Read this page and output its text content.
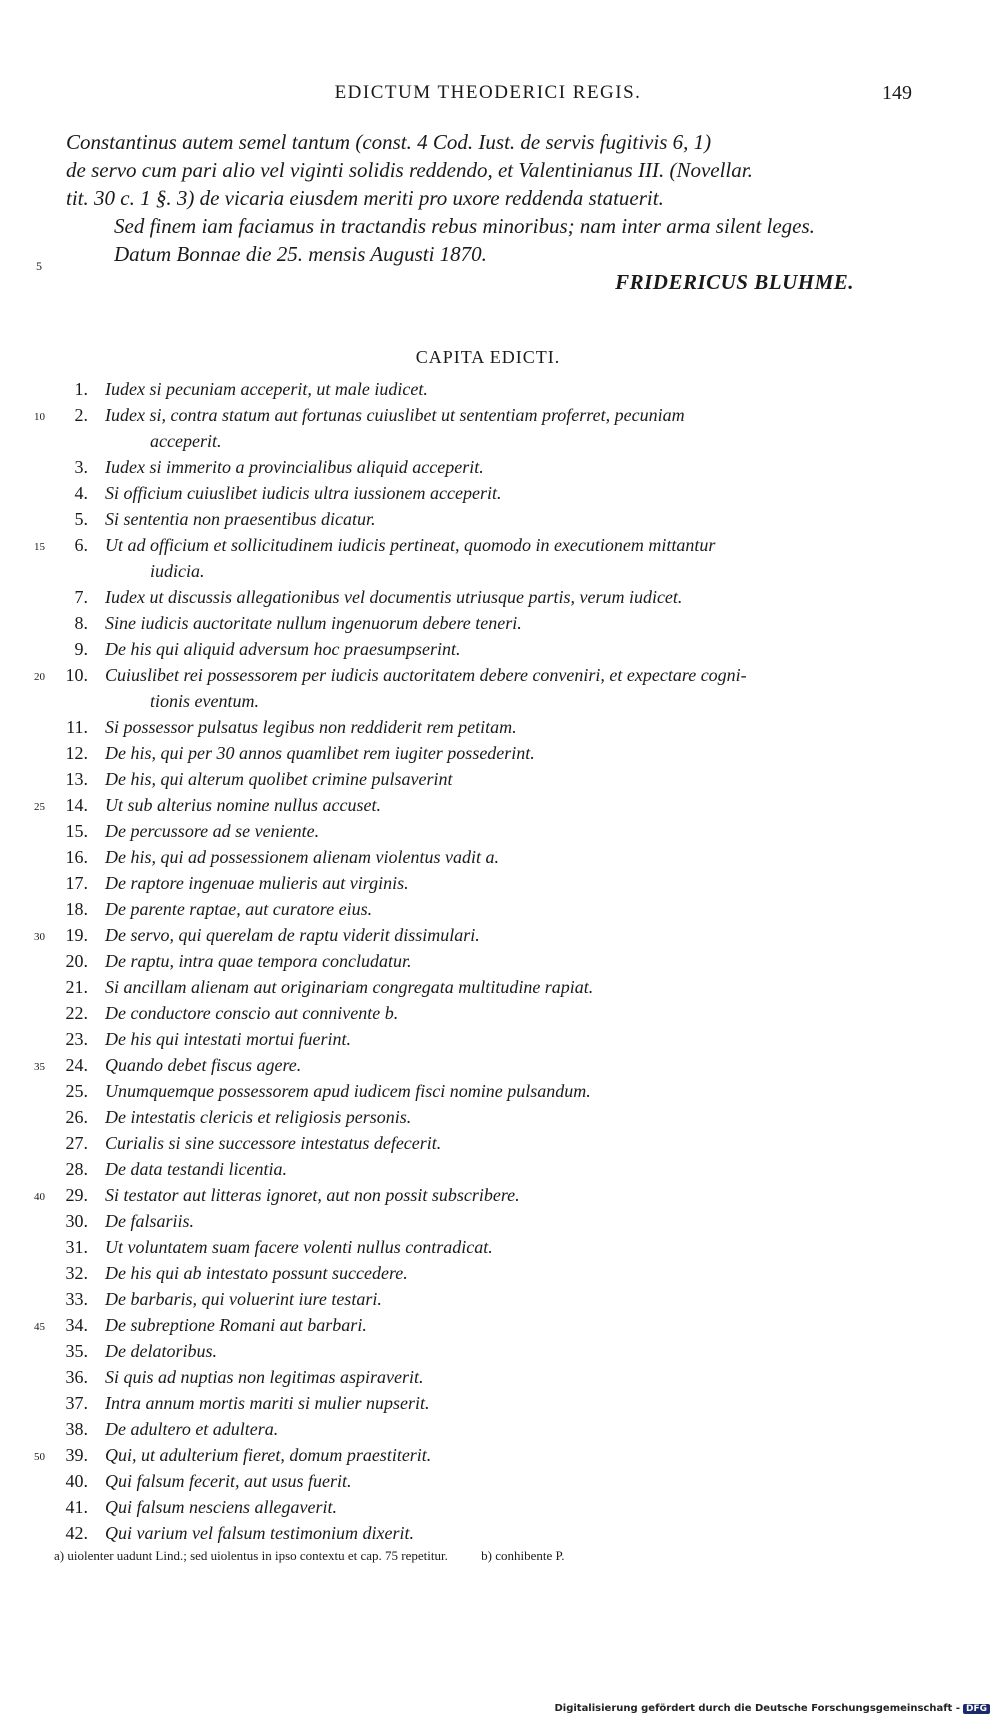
EDICTUM THEODERICI REGIS.	149

Constantinus autem semel tantum (const. 4 Cod. Iust. de servis fugitivis 6, 1)

de servo cum pari alio vel viginti solidis reddendo, et Valentinianus III. (Novellar.

tit. 30 c. 1 §. 3) de vicaria eiusdem meriti pro uxore reddenda statuerit.

Sed finem iam faciamus in tractandis rebus minoribus; nam inter arma silent leges.

5	Datum Bonnae die 25. mensis Augusti 1870.

FRIDERICUS BLUHME.

CAPITA EDICTI.
1. Iudex si pecuniam acceperit, ut male iudicet.
10	2. Iudex si, contra statum aut fortunas cuiuslibet ut sententiam proferret, pecuniam
acceperit.
3. Iudex si immerito a provincialibus aliquid acceperit.
4. Si officium cuiuslibet iudicis ultra iussionem acceperit.
5. Si sententia non praesentibus dicatur.
15	6. Ut ad officium et sollicitudinem iudicis pertineat, quomodo in executionem mittantur
iudicia.
7. Iudex ut discussis allegationibus vel documentis utriusque partis, verum iudicet.
8. Sine iudicis auctoritate nullum ingenuorum debere teneri.
9. De his qui aliquid adversum hoc praesumpserint.
20	10. Cuiuslibet rei possessorem per iudicis auctoritatem debere conveniri, et expectare cogni-
tionis eventum.
11. Si possessor pulsatus legibus non reddiderit rem petitam.
12. De his, qui per 30 annos quamlibet rem iugiter possederint.
13. De his, qui alterum quolibet crimine pulsaverint
25	14. Ut sub alterius nomine nullus accuset.
15. De percussore ad se veniente.
16. De his, qui ad possessionem alienam violentus vadit a.
17. De raptore ingenuae mulieris aut virginis.
18. De parente raptae, aut curatore eius.
30	19. De servo, qui querelam de raptu viderit dissimulari.
20. De raptu, intra quae tempora concludatur.
21. Si ancillam alienam aut originariam congregata multitudine rapiat.
22. De conductore conscio aut connivente b.
23. De his qui intestati mortui fuerint.
35	24. Quando debet fiscus agere.
25. Unumquemque possessorem apud iudicem fisci nomine pulsandum.
26. De intestatis clericis et religiosis personis.
27. Curialis si sine successore intestatus defecerit.
28. De data testandi licentia.
40	29. Si testator aut litteras ignoret, aut non possit subscribere.
30. De falsariis.
31. Ut voluntatem suam facere volenti nullus contradicat.
32. De his qui ab intestato possunt succedere.
33. De barbaris, qui voluerint iure testari.
45	34. De subreptione Romani aut barbari.
35. De delatoribus.
36. Si quis ad nuptias non legitimas aspiraverit.
37. Intra annum mortis mariti si mulier nupserit.
38. De adultero et adultera.
50	39. Qui, ut adulterium fieret, domum praestiterit.
40. Qui falsum fecerit, aut usus fuerit.
41. Qui falsum nesciens allegaverit.
42. Qui varium vel falsum testimonium dixerit.
a) uiolenter uadunt Lind.; sed uiolentus in ipso contextu et cap. 75 repetitur.	b) conhibente P.
Digitalisierung gefördert durch die Deutsche Forschungsgemeinschaft - DFG
